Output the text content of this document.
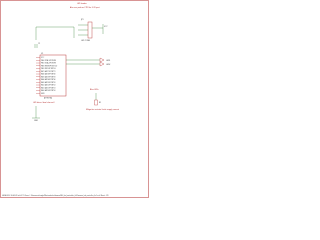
LED header
Also use pads as FTDI for 3.3V part
VCC
JP1
LED CONN
C1
U1
ATTINY84
VCC
PB0 (XTAL1/PCINT8)
PB1 (XTAL2/PCINT9)
PB3 (RESET/PCINT11)
PB2 (INT0/PCINT10)
PA7 (ADC7/PCINT7)
PA6 (ADC6/PCINT6)
PA5 (ADC5/PCINT5)
PA4 (ADC4/PCINT4)
PA3 (ADC3/PCINT3)
PA2 (ADC2/PCINT2)
PA1 (ADC1/PCINT1)
PA0 (ADC0/PCINT0)
GND
LED driver (dual channel)
GND
Blue LEDs
LED1
LED2
R1
Mitigation resistor limits supply current
08/04/2013 10:43:31 f=0.67 C:\Users\...\Documents\eagle\Mimicrobotics\beacon\BLE_led_controller_0v1\beacon_led_controller_0v1.sch (Sheet: 1/1)
